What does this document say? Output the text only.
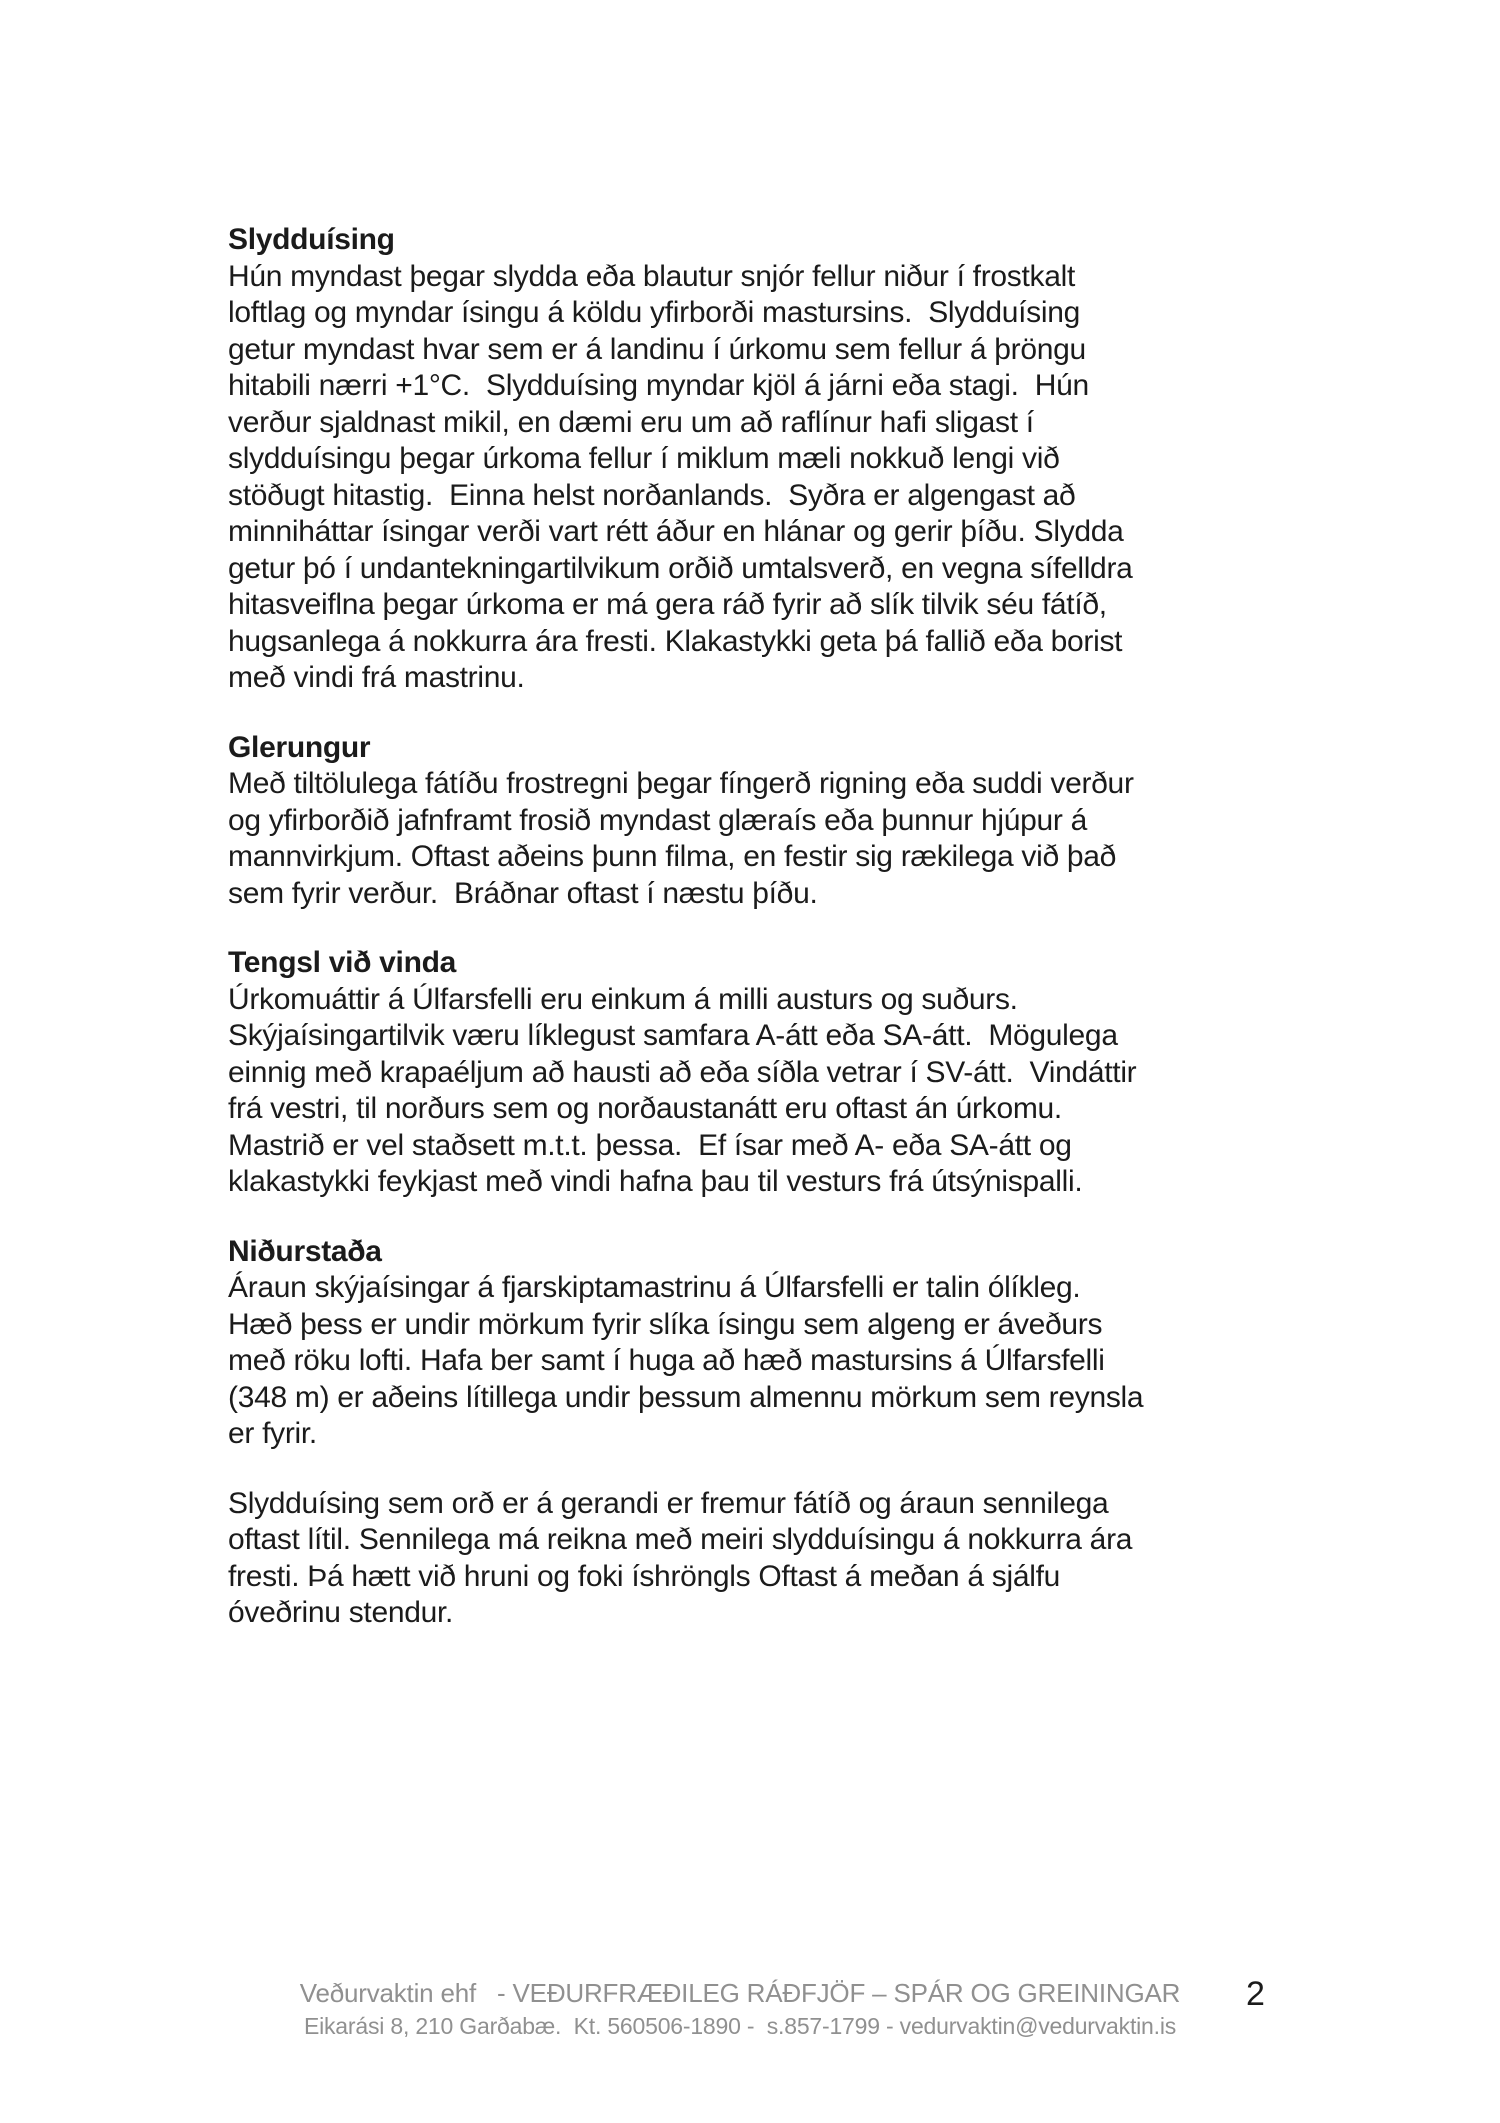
Slydduísing
Hún myndast þegar slydda eða blautur snjór fellur niður í frostkalt
loftlag og myndar ísingu á köldu yfirborði mastursins.  Slydduísing
getur myndast hvar sem er á landinu í úrkomu sem fellur á þröngu
hitabili nærri +1°C.  Slydduísing myndar kjöl á járni eða stagi.  Hún
verður sjaldnast mikil, en dæmi eru um að raflínur hafi sligast í
slydduísingu þegar úrkoma fellur í miklum mæli nokkuð lengi við
stöðugt hitastig.  Einna helst norðanlands.  Syðra er algengast að
minniháttar ísingar verði vart rétt áður en hlánar og gerir þíðu. Slydda
getur þó í undantekningartilvikum orðið umtalsverð, en vegna sífelldra
hitasveiflna þegar úrkoma er má gera ráð fyrir að slík tilvik séu fátíð,
hugsanlega á nokkurra ára fresti. Klakastykki geta þá fallið eða borist
með vindi frá mastrinu.
Glerungur
Með tiltölulega fátíðu frostregni þegar fíngerð rigning eða suddi verður
og yfirborðið jafnframt frosið myndast glæraís eða þunnur hjúpur á
mannvirkjum. Oftast aðeins þunn filma, en festir sig rækilega við það
sem fyrir verður.  Bráðnar oftast í næstu þíðu.
Tengsl við vinda
Úrkomuáttir á Úlfarsfelli eru einkum á milli austurs og suðurs.
Skýjaísingartilvik væru líklegust samfara A-átt eða SA-átt.  Mögulega
einnig með krapaéljum að hausti að eða síðla vetrar í SV-átt.  Vindáttir
frá vestri, til norðurs sem og norðaustanátt eru oftast án úrkomu.
Mastrið er vel staðsett m.t.t. þessa.  Ef ísar með A- eða SA-átt og
klakastykki feykjast með vindi hafna þau til vesturs frá útsýnispalli.
Niðurstaða
Áraun skýjaísingar á fjarskiptamastrinu á Úlfarsfelli er talin ólíkleg.
Hæð þess er undir mörkum fyrir slíka ísingu sem algeng er áveðurs
með röku lofti. Hafa ber samt í huga að hæð mastursins á Úlfarsfelli
(348 m) er aðeins lítillega undir þessum almennu mörkum sem reynsla
er fyrir.
Slydduísing sem orð er á gerandi er fremur fátíð og áraun sennilega
oftast lítil. Sennilega má reikna með meiri slydduísingu á nokkurra ára
fresti. Þá hætt við hruni og foki íshröngls Oftast á meðan á sjálfu
óveðrinu stendur.
Veðurvaktin ehf   - VEÐURFRÆÐILEG RÁÐFJÖF – SPÁR OG GREININGAR
Eikarási 8, 210 Garðabæ.  Kt. 560506-1890 -  s.857-1799 - vedurvaktin@vedurvaktin.is
2
